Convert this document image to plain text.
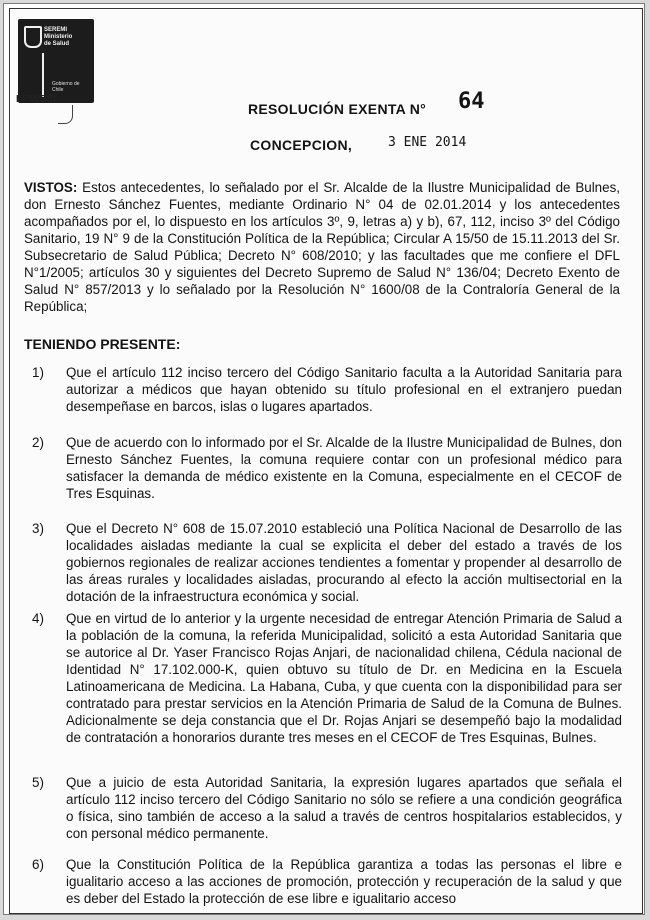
SEREMI
Ministerio
de Salud
Gobierno de
Chile
FPM/SSI
RESOLUCIÓN EXENTA N° 64
CONCEPCION,	3 ENE 2014
VISTOS: Estos antecedentes, lo señalado por el Sr. Alcalde de la Ilustre Municipalidad de Bulnes, don Ernesto Sánchez Fuentes, mediante Ordinario N° 04 de 02.01.2014 y los antecedentes acompañados por el, lo dispuesto en los artículos 3º, 9, letras a) y b), 67, 112, inciso 3º del Código Sanitario, 19 N° 9 de la Constitución Política de la República; Circular A 15/50 de 15.11.2013 del Sr. Subsecretario de Salud Pública; Decreto N° 608/2010; y las facultades que me confiere el DFL N°1/2005; artículos 30 y siguientes del Decreto Supremo de Salud N° 136/04; Decreto Exento de Salud N° 857/2013 y lo señalado por la Resolución N° 1600/08 de la Contraloría General de la República;
TENIENDO PRESENTE:
1) Que el artículo 112 inciso tercero del Código Sanitario faculta a la Autoridad Sanitaria para autorizar a médicos que hayan obtenido su título profesional en el extranjero puedan desempeñase en barcos, islas o lugares apartados.
2) Que de acuerdo con lo informado por el Sr. Alcalde de la Ilustre Municipalidad de Bulnes, don Ernesto Sánchez Fuentes, la comuna requiere contar con un profesional médico para satisfacer la demanda de médico existente en la Comuna, especialmente en el CECOF de Tres Esquinas.
3) Que el Decreto N° 608 de 15.07.2010 estableció una Política Nacional de Desarrollo de las localidades aisladas mediante la cual se explicita el deber del estado a través de los gobiernos regionales de realizar acciones tendientes a fomentar y propender al desarrollo de las áreas rurales y localidades aisladas, procurando al efecto la acción multisectorial en la dotación de la infraestructura económica y social.
4) Que en virtud de lo anterior y la urgente necesidad de entregar Atención Primaria de Salud a la población de la comuna, la referida Municipalidad, solicitó a esta Autoridad Sanitaria que se autorice al Dr. Yaser Francisco Rojas Anjari, de nacionalidad chilena, Cédula nacional de Identidad N° 17.102.000-K, quien obtuvo su título de Dr. en Medicina en la Escuela Latinoamericana de Medicina. La Habana, Cuba, y que cuenta con la disponibilidad para ser contratado para prestar servicios en la Atención Primaria de Salud de la Comuna de Bulnes. Adicionalmente se deja constancia que el Dr. Rojas Anjari se desempeñó bajo la modalidad de contratación a honorarios durante tres meses en el CECOF de Tres Esquinas, Bulnes.
5) Que a juicio de esta Autoridad Sanitaria, la expresión lugares apartados que señala el artículo 112 inciso tercero del Código Sanitario no sólo se refiere a una condición geográfica o física, sino también de acceso a la salud a través de centros hospitalarios establecidos, y con personal médico permanente.
6) Que la Constitución Política de la República garantiza a todas las personas el libre e igualitario acceso a las acciones de promoción, protección y recuperación de la salud y que es deber del Estado la protección de ese libre e igualitario acceso
